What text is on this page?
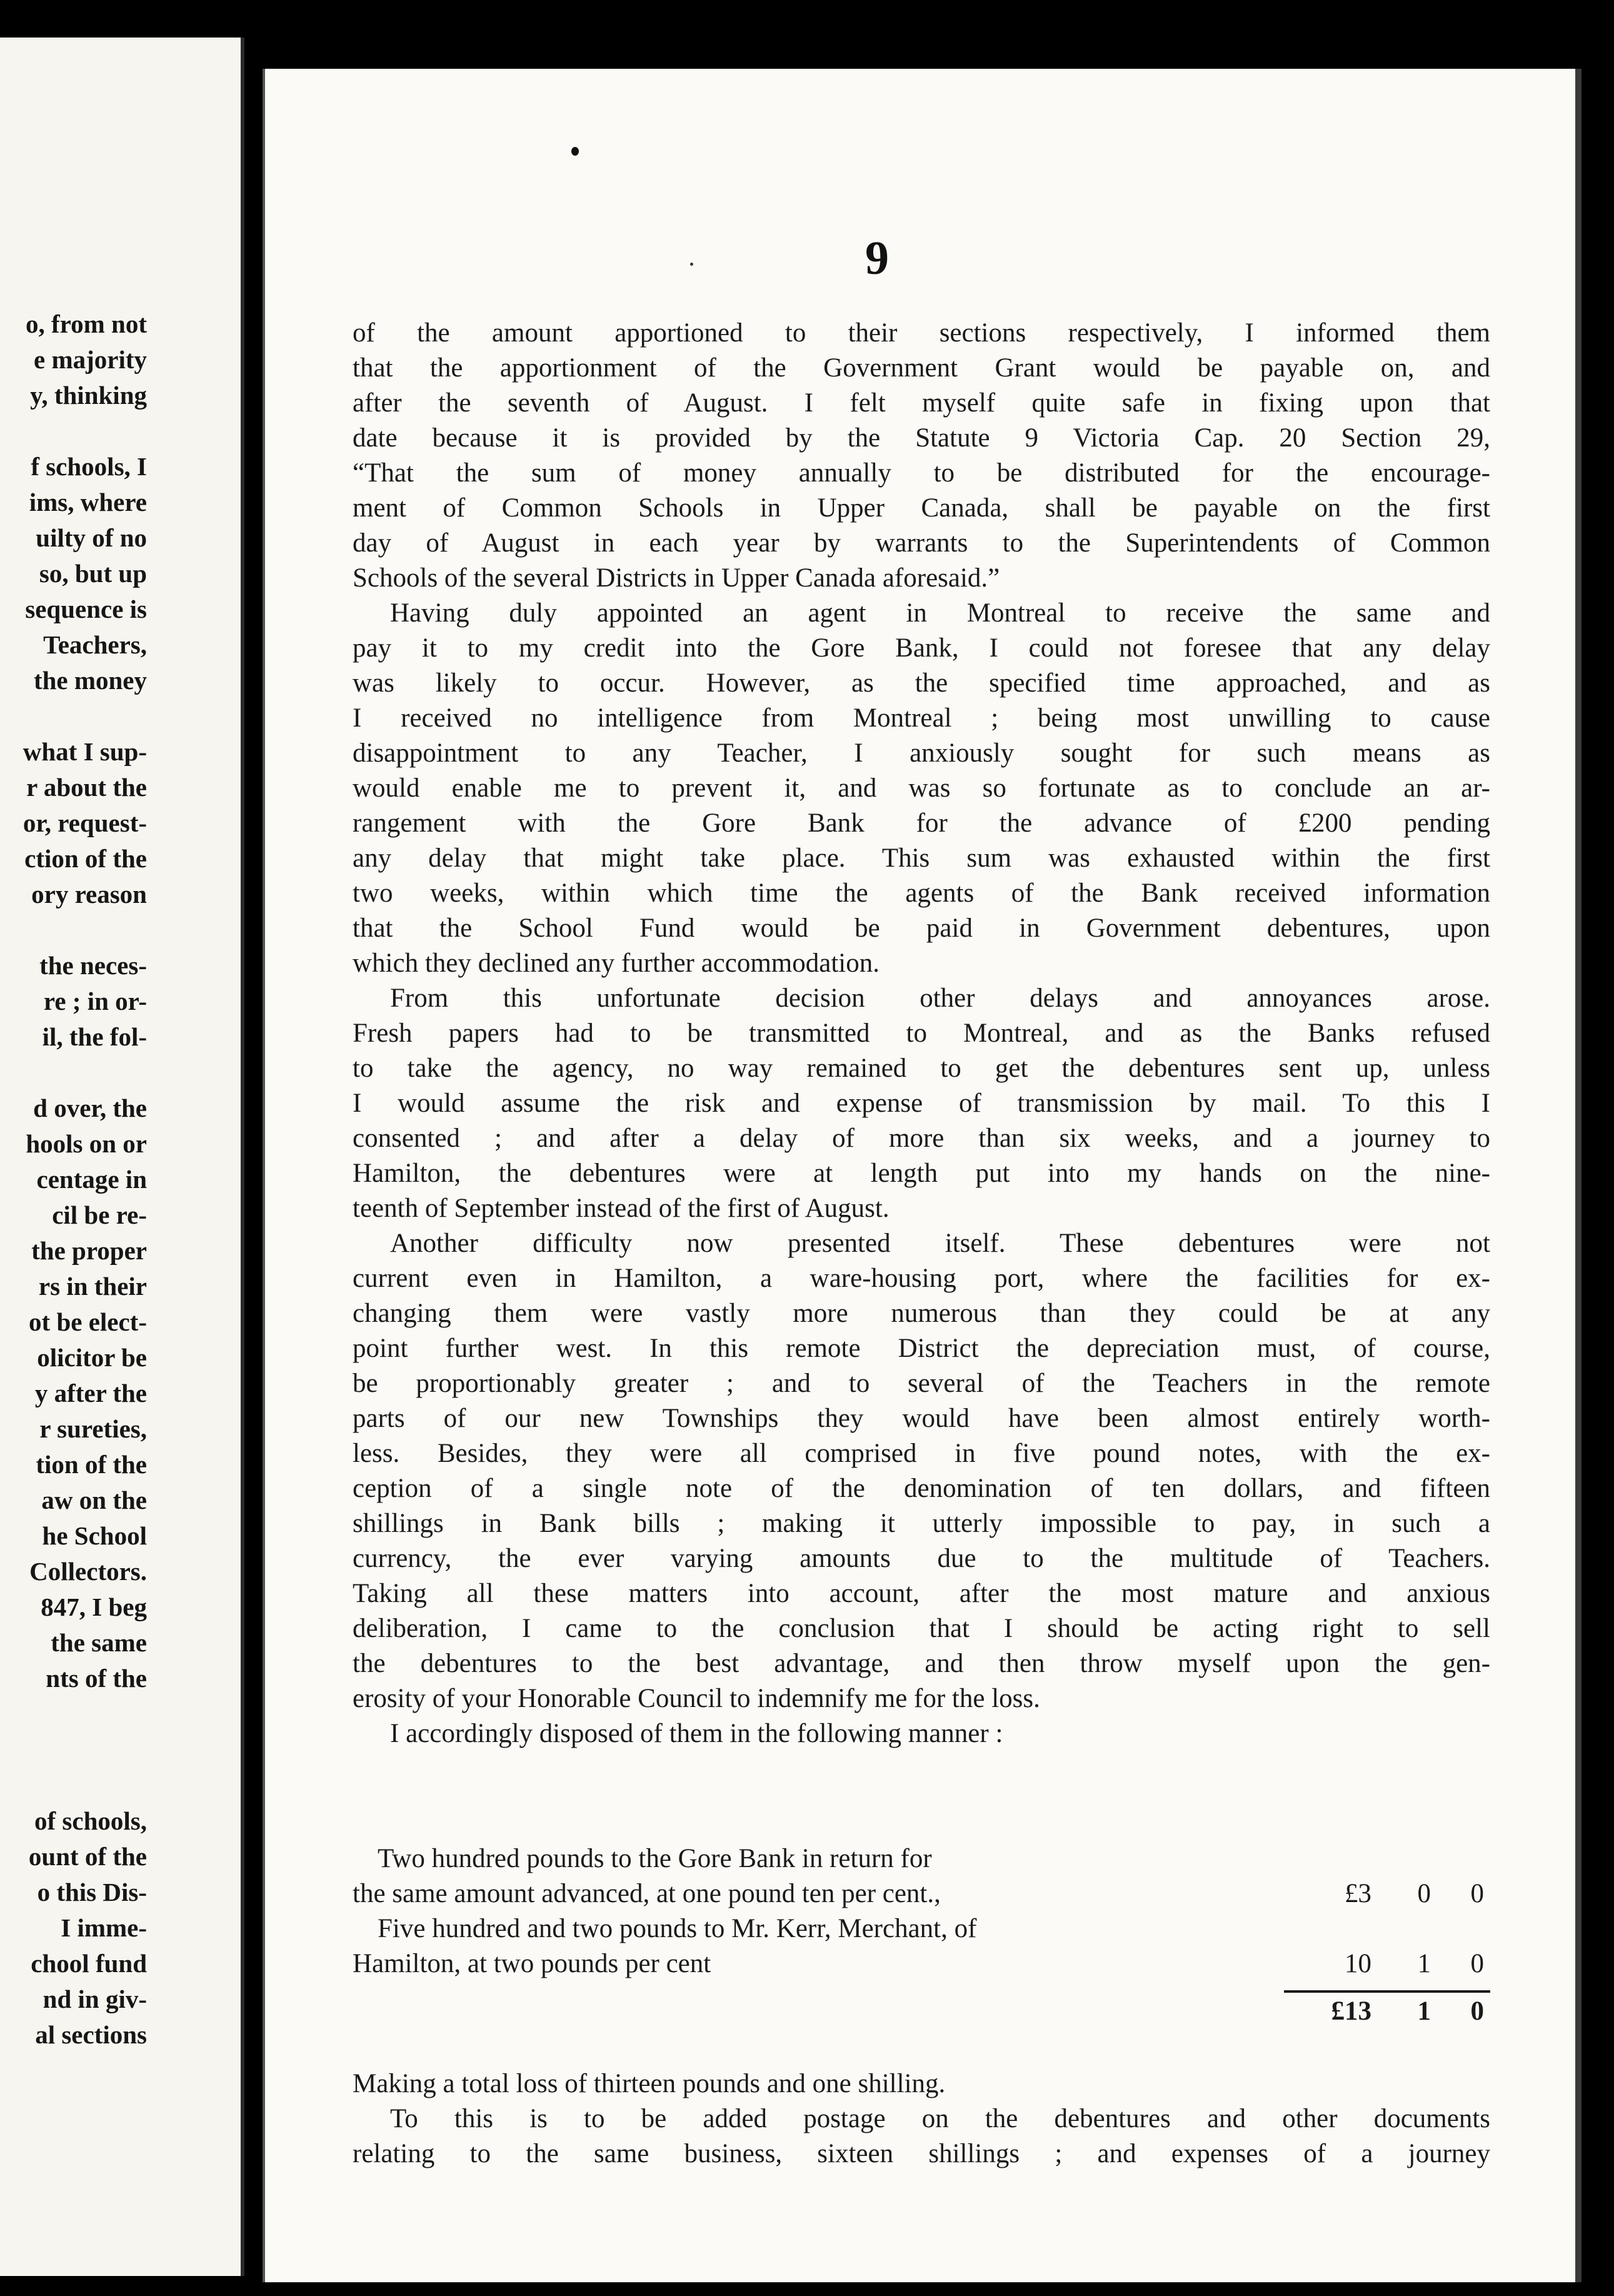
o, from not
e majority
y, thinking
f schools, I
ims, where
uilty of no
so, but up
sequence is
Teachers,
the money
what I sup-
r about the
or, request-
ction of the
ory reason
the neces-
re ; in or-
il, the fol-
d over, the
hools on or
centage in
cil be re-
the proper
rs in their
ot be elect-
olicitor be
y after the
r sureties,
tion of the
aw on the
he School
Collectors.
847, I beg
the same
nts of the
of schools,
ount of the
o this Dis-
I imme-
chool fund
nd in giv-
al sections
9
of the amount apportioned to their sections respectively, I informed them
that the apportionment of the Government Grant would be payable on, and
after the seventh of August. I felt myself quite safe in fixing upon that
date because it is provided by the Statute 9 Victoria Cap. 20 Section 29,
“That the sum of money annually to be distributed for the encourage-
ment of Common Schools in Upper Canada, shall be payable on the first
day of August in each year by warrants to the Superintendents of Common
Schools of the several Districts in Upper Canada aforesaid.”
Having duly appointed an agent in Montreal to receive the same and
pay it to my credit into the Gore Bank, I could not foresee that any delay
was likely to occur. However, as the specified time approached, and as
I received no intelligence from Montreal ; being most unwilling to cause
disappointment to any Teacher, I anxiously sought for such means as
would enable me to prevent it, and was so fortunate as to conclude an ar-
rangement with the Gore Bank for the advance of £200 pending
any delay that might take place. This sum was exhausted within the first
two weeks, within which time the agents of the Bank received information
that the School Fund would be paid in Government debentures, upon
which they declined any further accommodation.
From this unfortunate decision other delays and annoyances arose.
Fresh papers had to be transmitted to Montreal, and as the Banks refused
to take the agency, no way remained to get the debentures sent up, unless
I would assume the risk and expense of transmission by mail. To this I
consented ; and after a delay of more than six weeks, and a journey to
Hamilton, the debentures were at length put into my hands on the nine-
teenth of September instead of the first of August.
Another difficulty now presented itself. These debentures were not
current even in Hamilton, a ware-housing port, where the facilities for ex-
changing them were vastly more numerous than they could be at any
point further west. In this remote District the depreciation must, of course,
be proportionably greater ; and to several of the Teachers in the remote
parts of our new Townships they would have been almost entirely worth-
less. Besides, they were all comprised in five pound notes, with the ex-
ception of a single note of the denomination of ten dollars, and fifteen
shillings in Bank bills ; making it utterly impossible to pay, in such a
currency, the ever varying amounts due to the multitude of Teachers.
Taking all these matters into account, after the most mature and anxious
deliberation, I came to the conclusion that I should be acting right to sell
the debentures to the best advantage, and then throw myself upon the gen-
erosity of your Honorable Council to indemnify me for the loss.
I accordingly disposed of them in the following manner :
Two hundred pounds to the Gore Bank in return for
the same amount advanced, at one pound ten per cent.,	£3	0	0
Five hundred and two pounds to Mr. Kerr, Merchant, of
Hamilton, at two pounds per cent	10	1	0
£13	1	0
Making a total loss of thirteen pounds and one shilling.
To this is to be added postage on the debentures and other documents
relating to the same business, sixteen shillings ; and expenses of a journey
